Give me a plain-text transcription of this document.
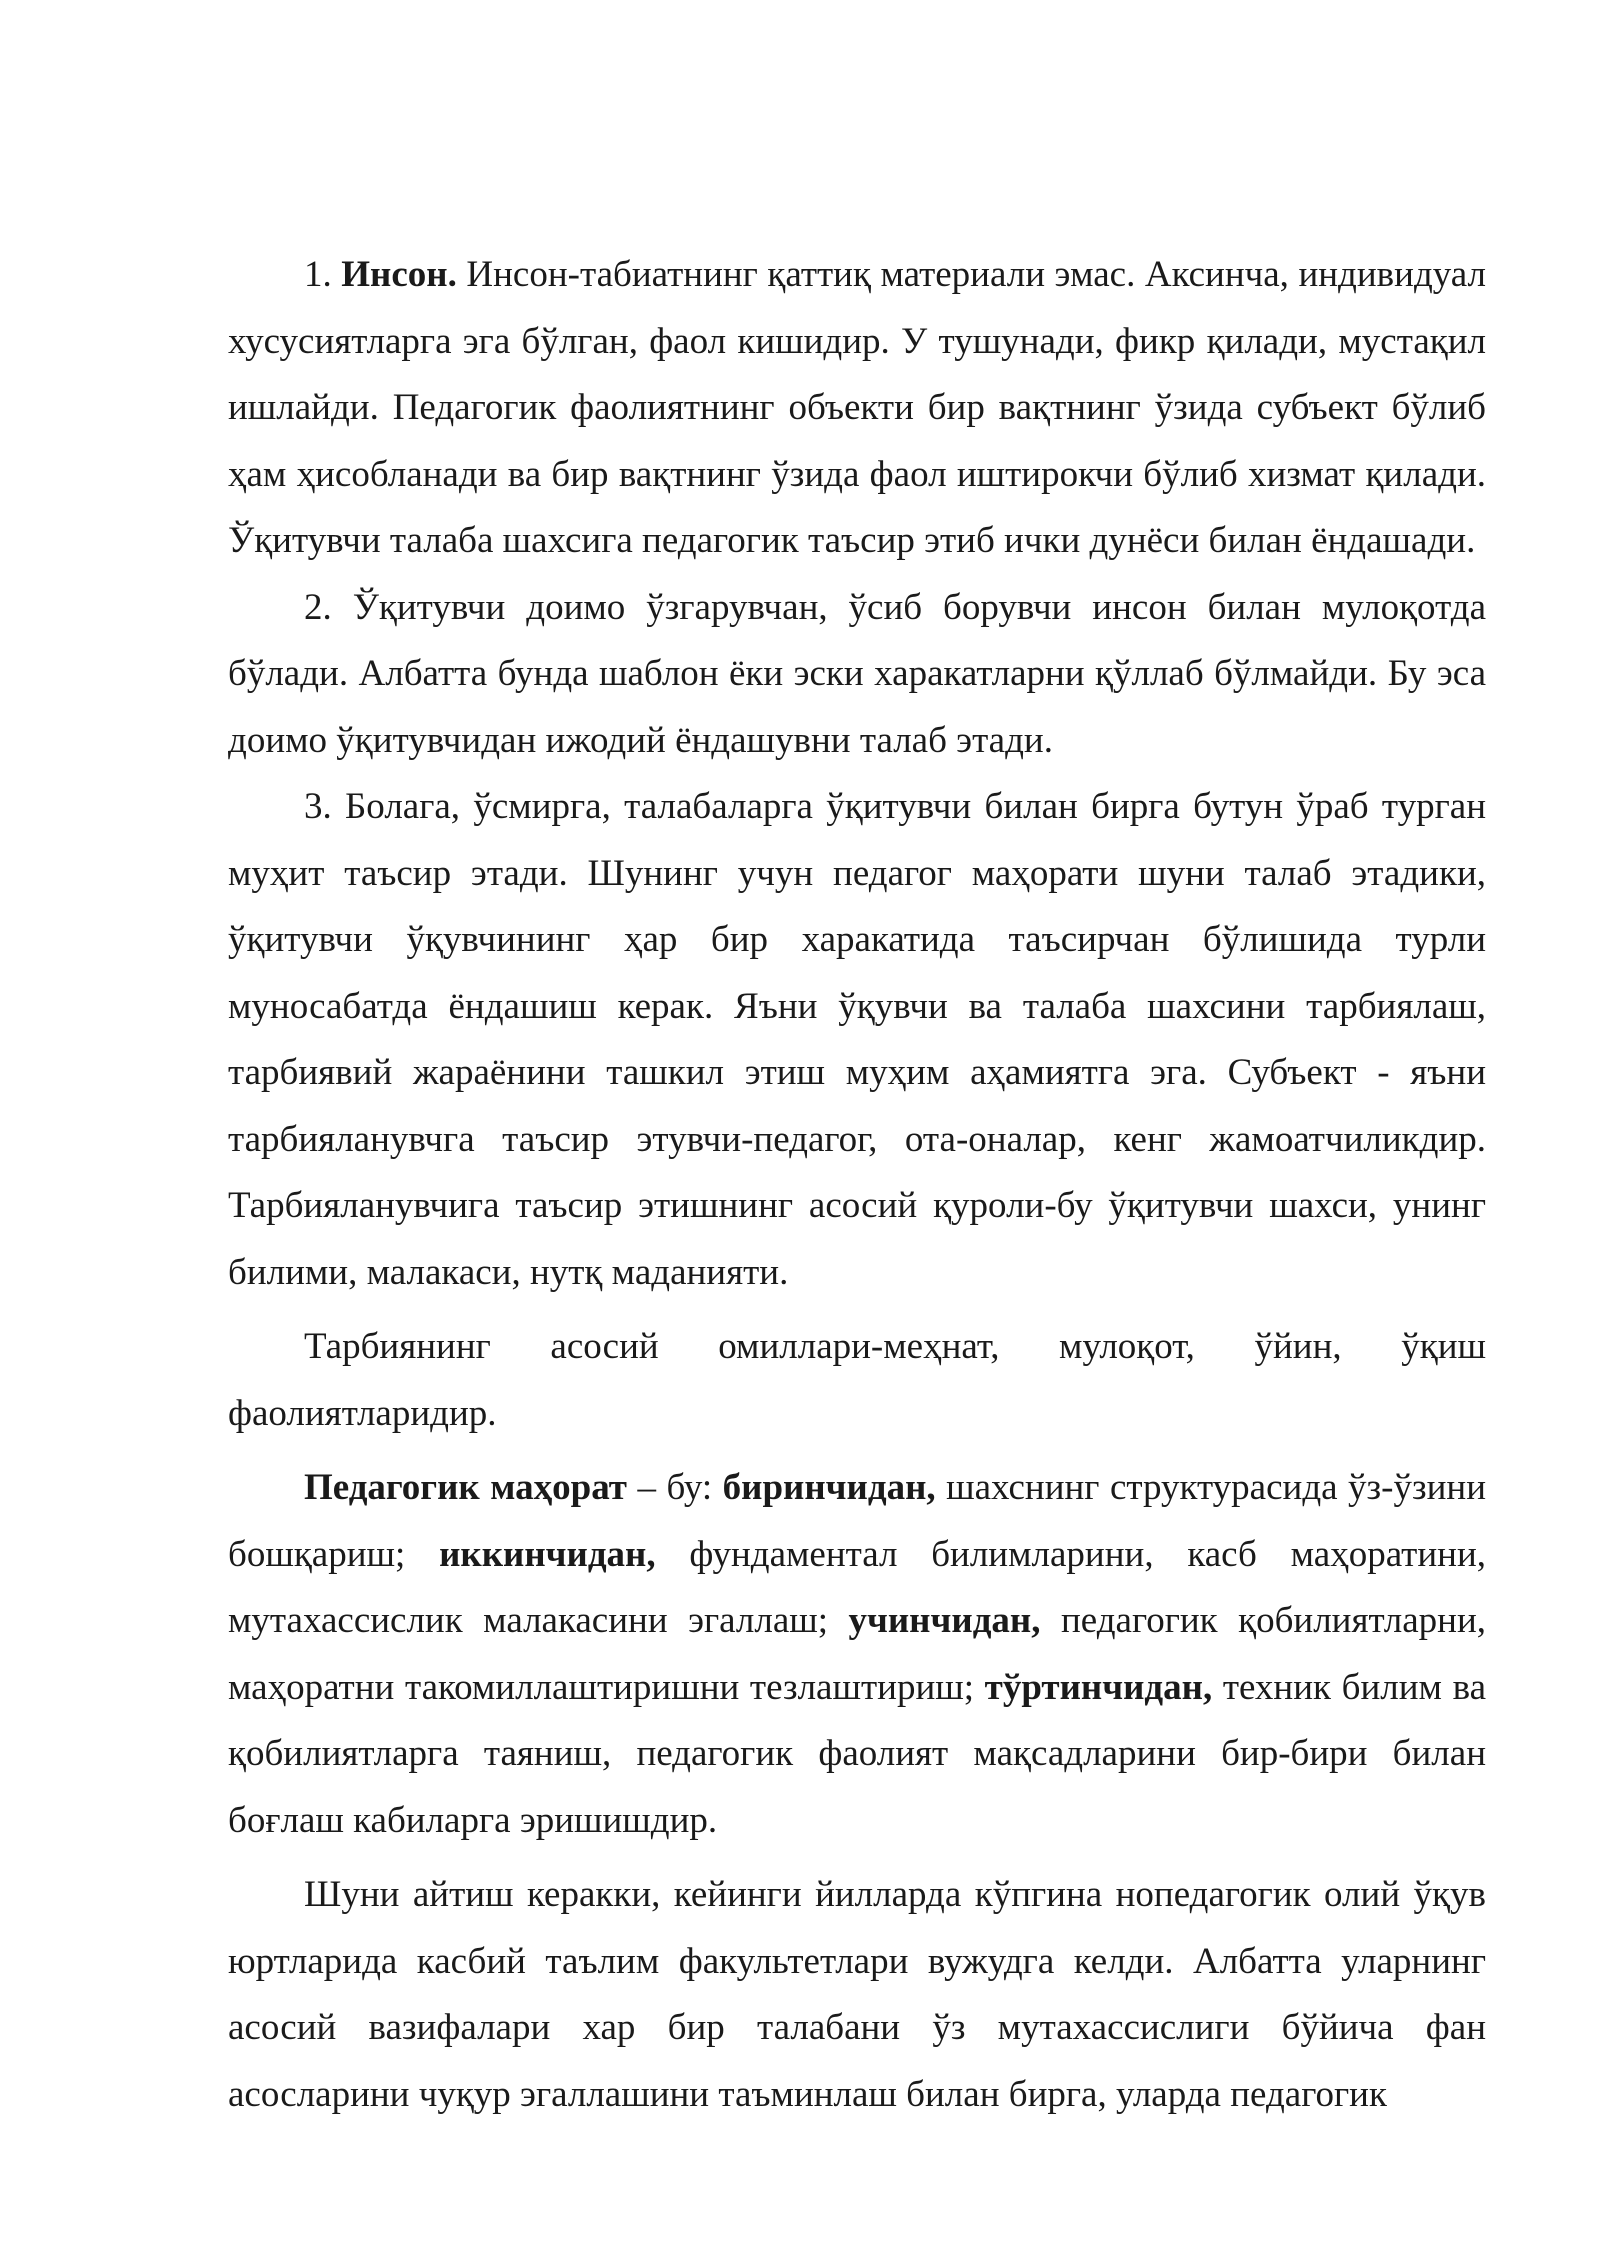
1. Инсон. Инсон-табиатнинг қаттиқ материали эмас. Аксинча, индивидуал хусусиятларга эга бўлган, фаол кишидир. У тушунади, фикр қилади, мустақил ишлайди. Педагогик фаолиятнинг объекти бир вақтнинг ўзида субъект бўлиб ҳам ҳисобланади ва бир вақтнинг ўзида фаол иштирокчи бўлиб хизмат қилади. Ўқитувчи талаба шахсига педагогик таъсир этиб ички дунёси билан ёндашади.

2. Ўқитувчи доимо ўзгарувчан, ўсиб борувчи инсон билан мулоқотда бўлади. Албатта бунда шаблон ёки эски харакатларни қўллаб бўлмайди. Бу эса доимо ўқитувчидан ижодий ёндашувни талаб этади.

3. Болага, ўсмирга, талабаларга ўқитувчи билан бирга бутун ўраб турган муҳит таъсир этади. Шунинг учун педагог маҳорати шуни талаб этадики, ўқитувчи ўқувчининг ҳар бир харакатида таъсирчан бўлишида турли муносабатда ёндашиш керак. Яъни ўқувчи ва талаба шахсини тарбиялаш, тарбиявий жараёнини ташкил этиш муҳим аҳамиятга эга. Субъект - яъни тарбияланувчга таъсир этувчи-педагог, ота-оналар, кенг жамоатчиликдир. Тарбияланувчига таъсир этишнинг асосий қуроли-бу ўқитувчи шахси, унинг билими, малакаси, нутқ маданияти.

Тарбиянинг асосий омиллари-меҳнат, мулоқот, ўйин, ўқиш фаолиятларидир.

Педагогик маҳорат – бу: биринчидан, шахснинг структурасида ўз-ўзини бошқариш; иккинчидан, фундаментал билимларини, касб маҳоратини, мутахассислик малакасини эгаллаш; учинчидан, педагогик қобилиятларни, маҳоратни такомиллаштиришни тезлаштириш; тўртинчидан, техник билим ва қобилиятларга таяниш, педагогик фаолият мақсадларини бир-бири билан боғлаш кабиларга эришишдир.

Шуни айтиш керакки, кейинги йилларда кўпгина нопедагогик олий ўқув юртларида касбий таълим факультетлари вужудга келди. Албатта уларнинг асосий вазифалари хар бир талабани ўз мутахассислиги бўйича фан асосларини чуқур эгаллашини таъминлаш билан бирга, уларда педагогик
